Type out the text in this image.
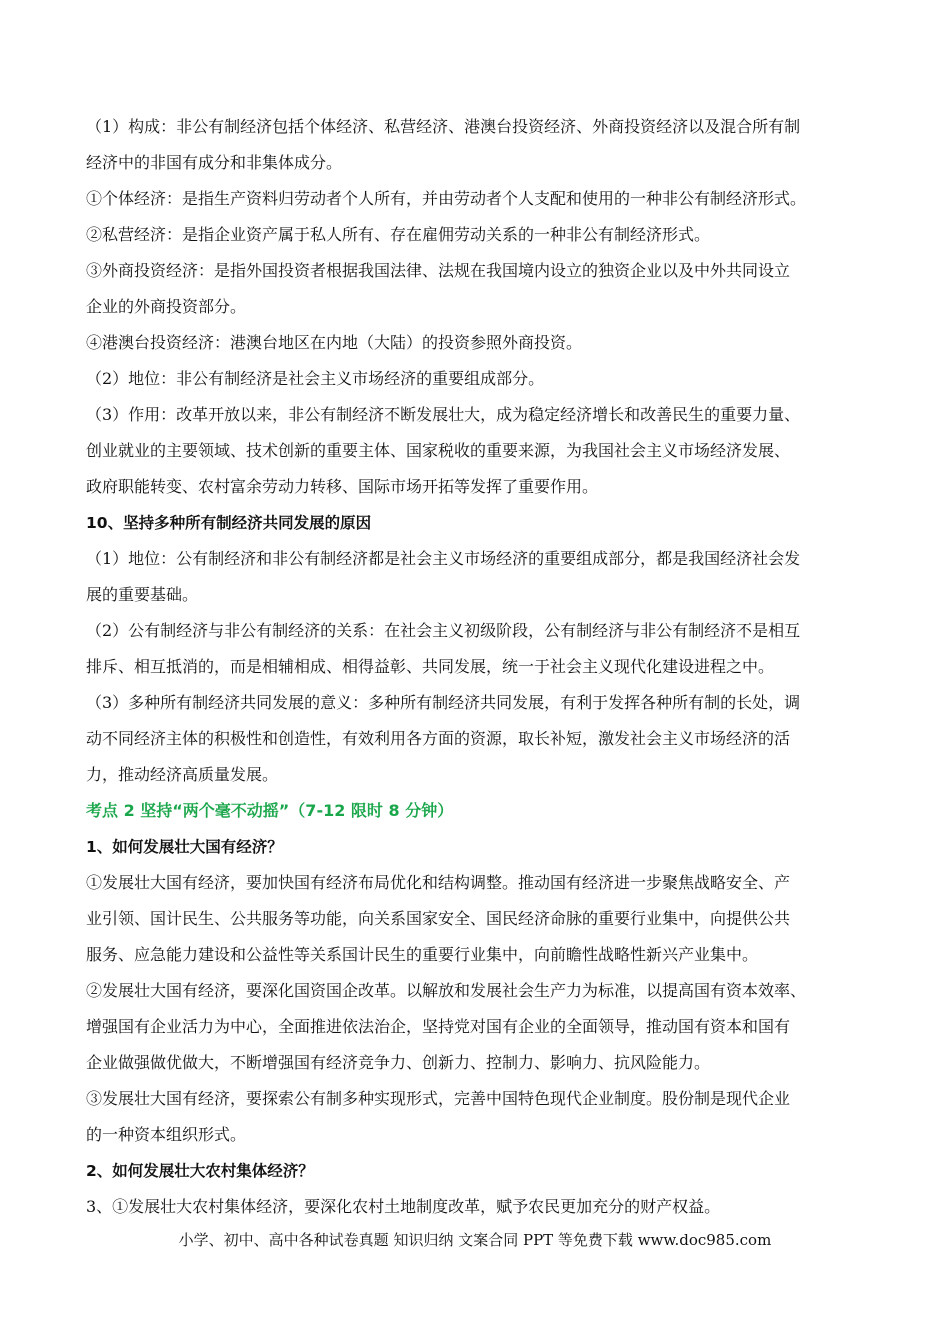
（1）构成：非公有制经济包括个体经济、私营经济、港澳台投资经济、外商投资经济以及混合所有制
经济中的非国有成分和非集体成分。
①个体经济：是指生产资料归劳动者个人所有，并由劳动者个人支配和使用的一种非公有制经济形式。
②私营经济：是指企业资产属于私人所有、存在雇佣劳动关系的一种非公有制经济形式。
③外商投资经济：是指外国投资者根据我国法律、法规在我国境内设立的独资企业以及中外共同设立
企业的外商投资部分。
④港澳台投资经济：港澳台地区在内地（大陆）的投资参照外商投资。
（2）地位：非公有制经济是社会主义市场经济的重要组成部分。
（3）作用：改革开放以来，非公有制经济不断发展壮大，成为稳定经济增长和改善民生的重要力量、
创业就业的主要领域、技术创新的重要主体、国家税收的重要来源，为我国社会主义市场经济发展、
政府职能转变、农村富余劳动力转移、国际市场开拓等发挥了重要作用。
10、坚持多种所有制经济共同发展的原因
（1）地位：公有制经济和非公有制经济都是社会主义市场经济的重要组成部分，都是我国经济社会发
展的重要基础。
（2）公有制经济与非公有制经济的关系：在社会主义初级阶段，公有制经济与非公有制经济不是相互
排斥、相互抵消的，而是相辅相成、相得益彰、共同发展，统一于社会主义现代化建设进程之中。
（3）多种所有制经济共同发展的意义：多种所有制经济共同发展，有利于发挥各种所有制的长处，调
动不同经济主体的积极性和创造性，有效利用各方面的资源，取长补短，激发社会主义市场经济的活
力，推动经济高质量发展。
考点 2 坚持“两个毫不动摇”（7-12 限时 8 分钟）
1、如何发展壮大国有经济？
①发展壮大国有经济，要加快国有经济布局优化和结构调整。推动国有经济进一步聚焦战略安全、产
业引领、国计民生、公共服务等功能，向关系国家安全、国民经济命脉的重要行业集中，向提供公共
服务、应急能力建设和公益性等关系国计民生的重要行业集中，向前瞻性战略性新兴产业集中。
②发展壮大国有经济，要深化国资国企改革。以解放和发展社会生产力为标准，以提高国有资本效率、
增强国有企业活力为中心，全面推进依法治企，坚持党对国有企业的全面领导，推动国有资本和国有
企业做强做优做大，不断增强国有经济竞争力、创新力、控制力、影响力、抗风险能力。
③发展壮大国有经济，要探索公有制多种实现形式，完善中国特色现代企业制度。股份制是现代企业
的一种资本组织形式。
2、如何发展壮大农村集体经济？
3、①发展壮大农村集体经济，要深化农村土地制度改革，赋予农民更加充分的财产权益。
小学、初中、高中各种试卷真题 知识归纳 文案合同 PPT 等免费下载 www.doc985.com
